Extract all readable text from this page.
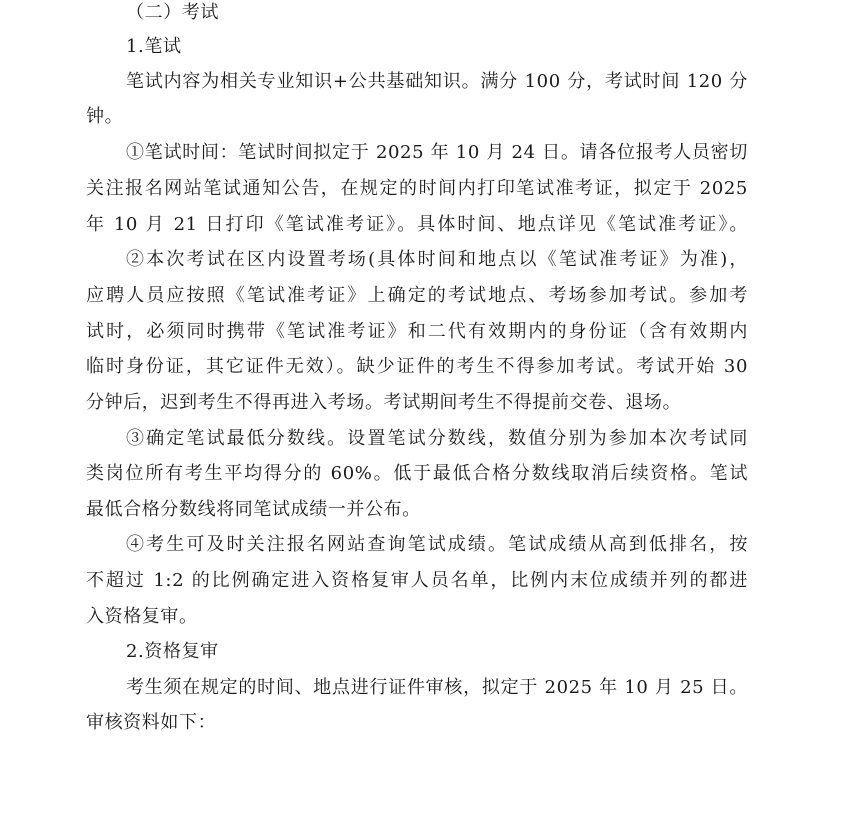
（二）考试
1.笔试
笔试内容为相关专业知识+公共基础知识。满分 100 分，考试时间 120 分
钟。
①笔试时间：笔试时间拟定于 2025 年 10 月 24 日。请各位报考人员密切
关注报名网站笔试通知公告，在规定的时间内打印笔试准考证，拟定于 2025
年 10 月 21 日打印《笔试准考证》。具体时间、地点详见《笔试准考证》。
②本次考试在区内设置考场(具体时间和地点以《笔试准考证》为准)，
应聘人员应按照《笔试准考证》上确定的考试地点、考场参加考试。参加考
试时，必须同时携带《笔试准考证》和二代有效期内的身份证（含有效期内
临时身份证，其它证件无效）。缺少证件的考生不得参加考试。考试开始 30
分钟后，迟到考生不得再进入考场。考试期间考生不得提前交卷、退场。
③确定笔试最低分数线。设置笔试分数线，数值分别为参加本次考试同
类岗位所有考生平均得分的 60%。低于最低合格分数线取消后续资格。笔试
最低合格分数线将同笔试成绩一并公布。
④考生可及时关注报名网站查询笔试成绩。笔试成绩从高到低排名，按
不超过 1:2 的比例确定进入资格复审人员名单，比例内末位成绩并列的都进
入资格复审。
2.资格复审
考生须在规定的时间、地点进行证件审核，拟定于 2025 年 10 月 25 日。
审核资料如下：
